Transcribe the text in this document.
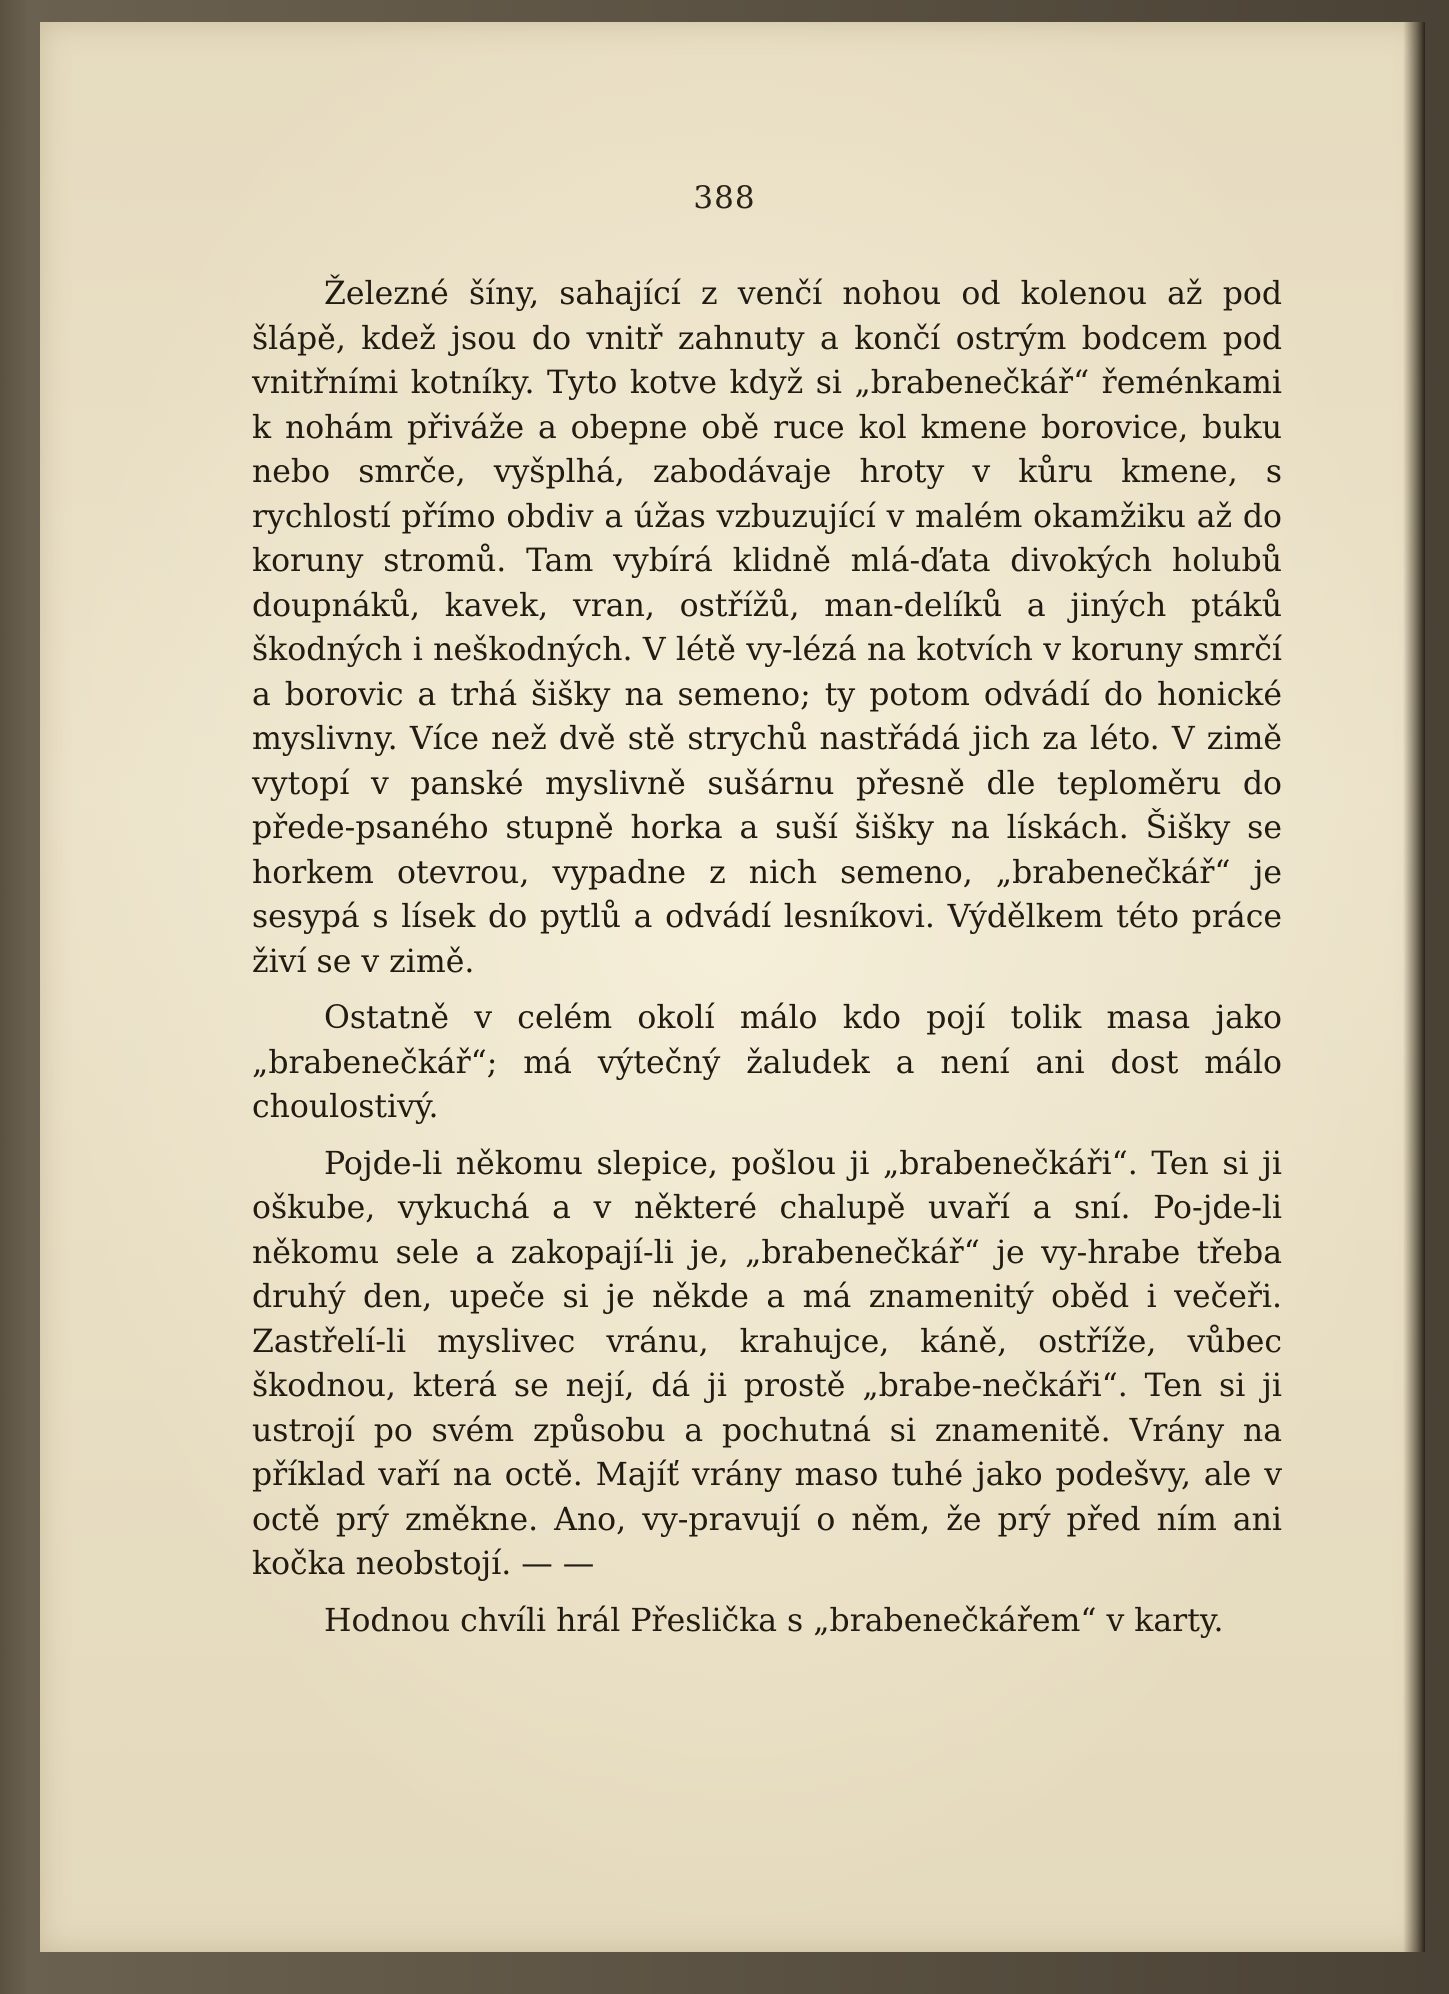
388

Železné šíny, sahající z venčí nohou od kolenou až pod šlápě, kdež jsou do vnitř zahnuty a končí ostrým bodcem pod vnitřními kotníky. Tyto kotve když si „brabenečkář“ řeménkami k nohám přiváže a obepne obě ruce kol kmene borovice, buku nebo smrče, vyšplhá, zabodávaje hroty v kůru kmene, s rychlostí přímo obdiv a úžas vzbuzující v malém okamžiku až do koruny stromů. Tam vybírá klidně mlá-ďata divokých holubů doupnáků, kavek, vran, ostřížů, man-delíků a jiných ptáků škodných i neškodných. V létě vy-lézá na kotvích v koruny smrčí a borovic a trhá šišky na semeno; ty potom odvádí do honické myslivny. Více než dvě stě strychů nastřádá jich za léto. V zimě vytopí v panské myslivně sušárnu přesně dle teploměru do přede-psaného stupně horka a suší šišky na lískách. Šišky se horkem otevrou, vypadne z nich semeno, „brabenečkář“ je sesypá s lísek do pytlů a odvádí lesníkovi. Výdělkem této práce živí se v zimě.

Ostatně v celém okolí málo kdo pojí tolik masa jako „brabenečkář“; má výtečný žaludek a není ani dost málo choulostivý.

Pojde-li někomu slepice, pošlou ji „brabenečkáři“. Ten si ji oškube, vykuchá a v některé chalupě uvaří a sní. Po-jde-li někomu sele a zakopají-li je, „brabenečkář“ je vy-hrabe třeba druhý den, upeče si je někde a má znamenitý oběd i večeři. Zastřelí-li myslivec vránu, krahujce, káně, ostříže, vůbec škodnou, která se nejí, dá ji prostě „brabe-nečkáři“. Ten si ji ustrojí po svém způsobu a pochutná si znamenitě. Vrány na příklad vaří na octě. Majíť vrány maso tuhé jako podešvy, ale v octě prý změkne. Ano, vy-pravují o něm, že prý před ním ani kočka neobstojí. — —

Hodnou chvíli hrál Přeslička s „brabenečkářem“ v karty.
